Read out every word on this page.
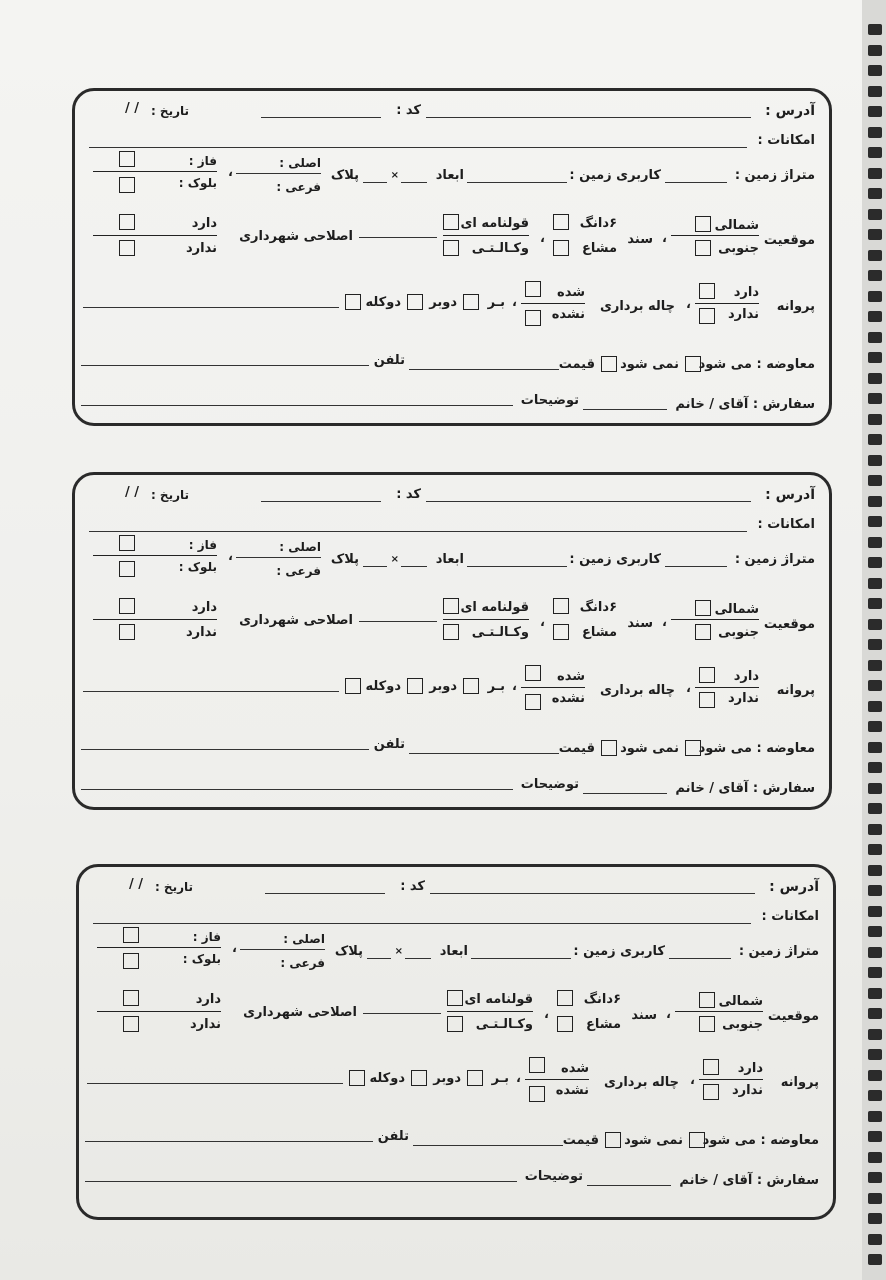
آدرس :
کد :
تاریخ :
/ /
امکانات :
متراژ زمین :
کاربری زمین :
ابعاد
×
پلاک
اصلی :
فرعی :
،
فاز :
بلوک :
موقعیت
شمالی
جنوبی
،
سند
۶دانگ
مشاع
،
قولنامه ای
وکـالـتـی
اصلاحی شهرداری
دارد
ندارد
پروانه
دارد
ندارد
،
چاله برداری
شده
نشده
،
بـر
دوبر
دوکله
معاوضه : می شود
نمی شود
قیمت
تلفن
سفارش : آقای / خانم
توضیحات
آدرس :
کد :
تاریخ :
/ /
امکانات :
متراژ زمین :
کاربری زمین :
ابعاد
×
پلاک
اصلی :
فرعی :
،
فاز :
بلوک :
موقعیت
شمالی
جنوبی
،
سند
۶دانگ
مشاع
،
قولنامه ای
وکـالـتـی
اصلاحی شهرداری
دارد
ندارد
پروانه
دارد
ندارد
،
چاله برداری
شده
نشده
،
بـر
دوبر
دوکله
معاوضه : می شود
نمی شود
قیمت
تلفن
سفارش : آقای / خانم
توضیحات
آدرس :
کد :
تاریخ :
/ /
امکانات :
متراژ زمین :
کاربری زمین :
ابعاد
×
پلاک
اصلی :
فرعی :
،
فاز :
بلوک :
موقعیت
شمالی
جنوبی
،
سند
۶دانگ
مشاع
،
قولنامه ای
وکـالـتـی
اصلاحی شهرداری
دارد
ندارد
پروانه
دارد
ندارد
،
چاله برداری
شده
نشده
،
بـر
دوبر
دوکله
معاوضه : می شود
نمی شود
قیمت
تلفن
سفارش : آقای / خانم
توضیحات
